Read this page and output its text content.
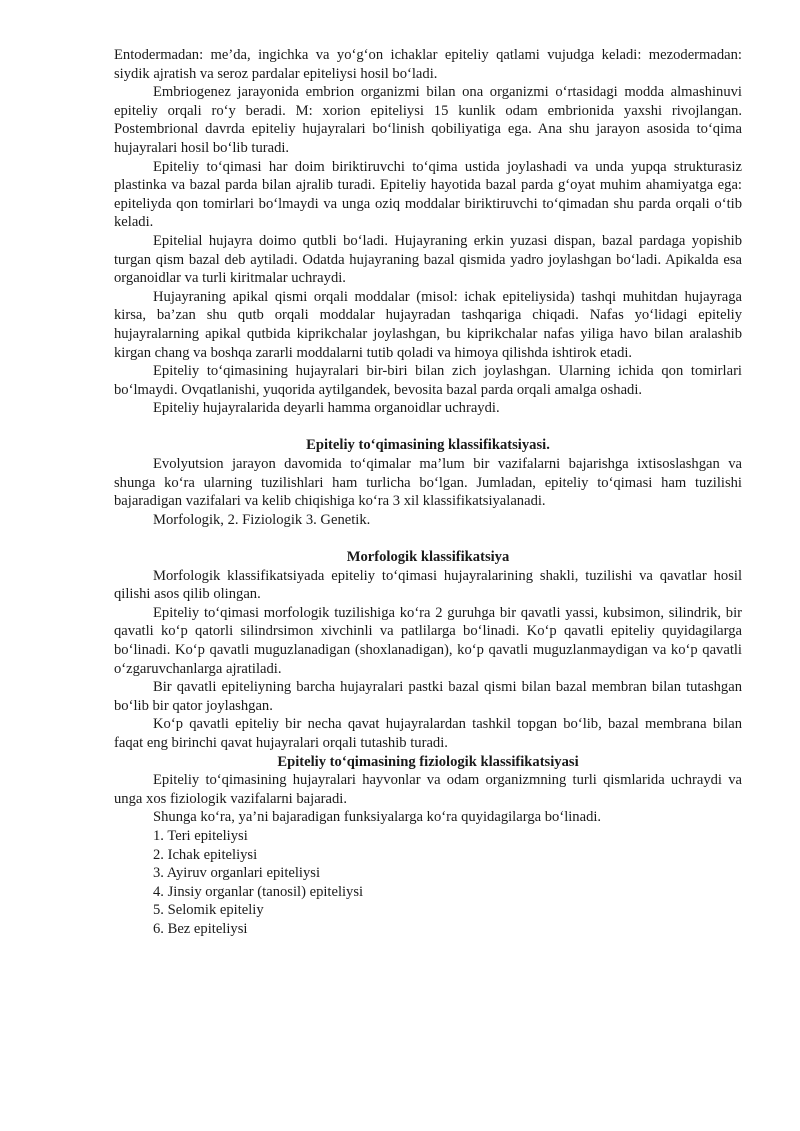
Entodermadan: me’da, ingichka va yo‘g‘on ichaklar epiteliy qatlami vujudga keladi: mezodermadan: siydik ajratish va seroz pardalar epiteliysi hosil bo‘ladi.

Embriogenez jarayonida embrion organizmi bilan ona organizmi o‘rtasidagi modda almashinuvi epiteliy orqali ro‘y beradi. M: xorion epiteliysi 15 kunlik odam embrionida yaxshi rivojlangan. Postembrional davrda epiteliy hujayralari bo‘linish qobiliyatiga ega. Ana shu jarayon asosida to‘qima hujayralari hosil bo‘lib turadi.

Epiteliy to‘qimasi har doim biriktiruvchi to‘qima ustida joylashadi va unda yupqa strukturasiz plastinka va bazal parda bilan ajralib turadi. Epiteliy hayotida bazal parda g‘oyat muhim ahamiyatga ega: epiteliyda qon tomirlari bo‘lmaydi va unga oziq moddalar biriktiruvchi to‘qimadan shu parda orqali o‘tib keladi.

Epitelial hujayra doimo qutbli bo‘ladi. Hujayraning erkin yuzasi dispan, bazal pardaga yopishib turgan qism bazal deb aytiladi. Odatda hujayraning bazal qismida yadro joylashgan bo‘ladi. Apikalda esa organoidlar va turli kiritmalar uchraydi.

Hujayraning apikal qismi orqali moddalar (misol: ichak epiteliysida) tashqi muhitdan hujayraga kirsa, ba’zan shu qutb orqali moddalar hujayradan tashqariga chiqadi. Nafas yo‘lidagi epiteliy hujayralarning apikal qutbida kiprikchalar joylashgan, bu kiprikchalar nafas yiliga havo bilan aralashib kirgan chang va boshqa zararli moddalarni tutib qoladi va himoya qilishda ishtirok etadi.

Epiteliy to‘qimasining hujayralari bir-biri bilan zich joylashgan. Ularning ichida qon tomirlari bo‘lmaydi. Ovqatlanishi, yuqorida aytilgandek, bevosita bazal parda orqali amalga oshadi.

Epiteliy hujayralarida deyarli hamma organoidlar uchraydi.

Epiteliy to‘qimasining klassifikatsiyasi.

Evolyutsion jarayon davomida to‘qimalar ma’lum bir vazifalarni bajarishga ixtisoslashgan va shunga ko‘ra ularning tuzilishlari ham turlicha bo‘lgan. Jumladan, epiteliy to‘qimasi ham tuzilishi bajaradigan vazifalari va kelib chiqishiga ko‘ra 3 xil klassifikatsiyalanadi.

Morfologik, 2. Fiziologik 3. Genetik.

Morfologik klassifikatsiya

Morfologik klassifikatsiyada epiteliy to‘qimasi hujayralarining shakli, tuzilishi va qavatlar hosil qilishi asos qilib olingan.

Epiteliy to‘qimasi morfologik tuzilishiga ko‘ra 2 guruhga bir qavatli yassi, kubsimon, silindrik, bir qavatli ko‘p qatorli silindrsimon xivchinli va patlilarga bo‘linadi. Ko‘p qavatli epiteliy quyidagilarga bo‘linadi. Ko‘p qavatli muguzlanadigan (shoxlanadigan), ko‘p qavatli muguzlanmaydigan va ko‘p qavatli o‘zgaruvchanlarga ajratiladi.

Bir qavatli epiteliyning barcha hujayralari pastki bazal qismi bilan bazal membran bilan tutashgan bo‘lib bir qator joylashgan.

Ko‘p qavatli epiteliy bir necha qavat hujayralardan tashkil topgan bo‘lib, bazal membrana bilan faqat eng birinchi qavat hujayralari orqali tutashib turadi.

Epiteliy to‘qimasining fiziologik klassifikatsiyasi

Epiteliy to‘qimasining hujayralari hayvonlar va odam organizmning turli qismlarida uchraydi va unga xos fiziologik vazifalarni bajaradi.

Shunga ko‘ra, ya’ni bajaradigan funksiyalarga ko‘ra quyidagilarga bo‘linadi.

1. Teri epiteliysi
2. Ichak epiteliysi
3. Ayiruv organlari epiteliysi
4. Jinsiy organlar (tanosil) epiteliysi
5. Selomik epiteliy
6. Bez epiteliysi
